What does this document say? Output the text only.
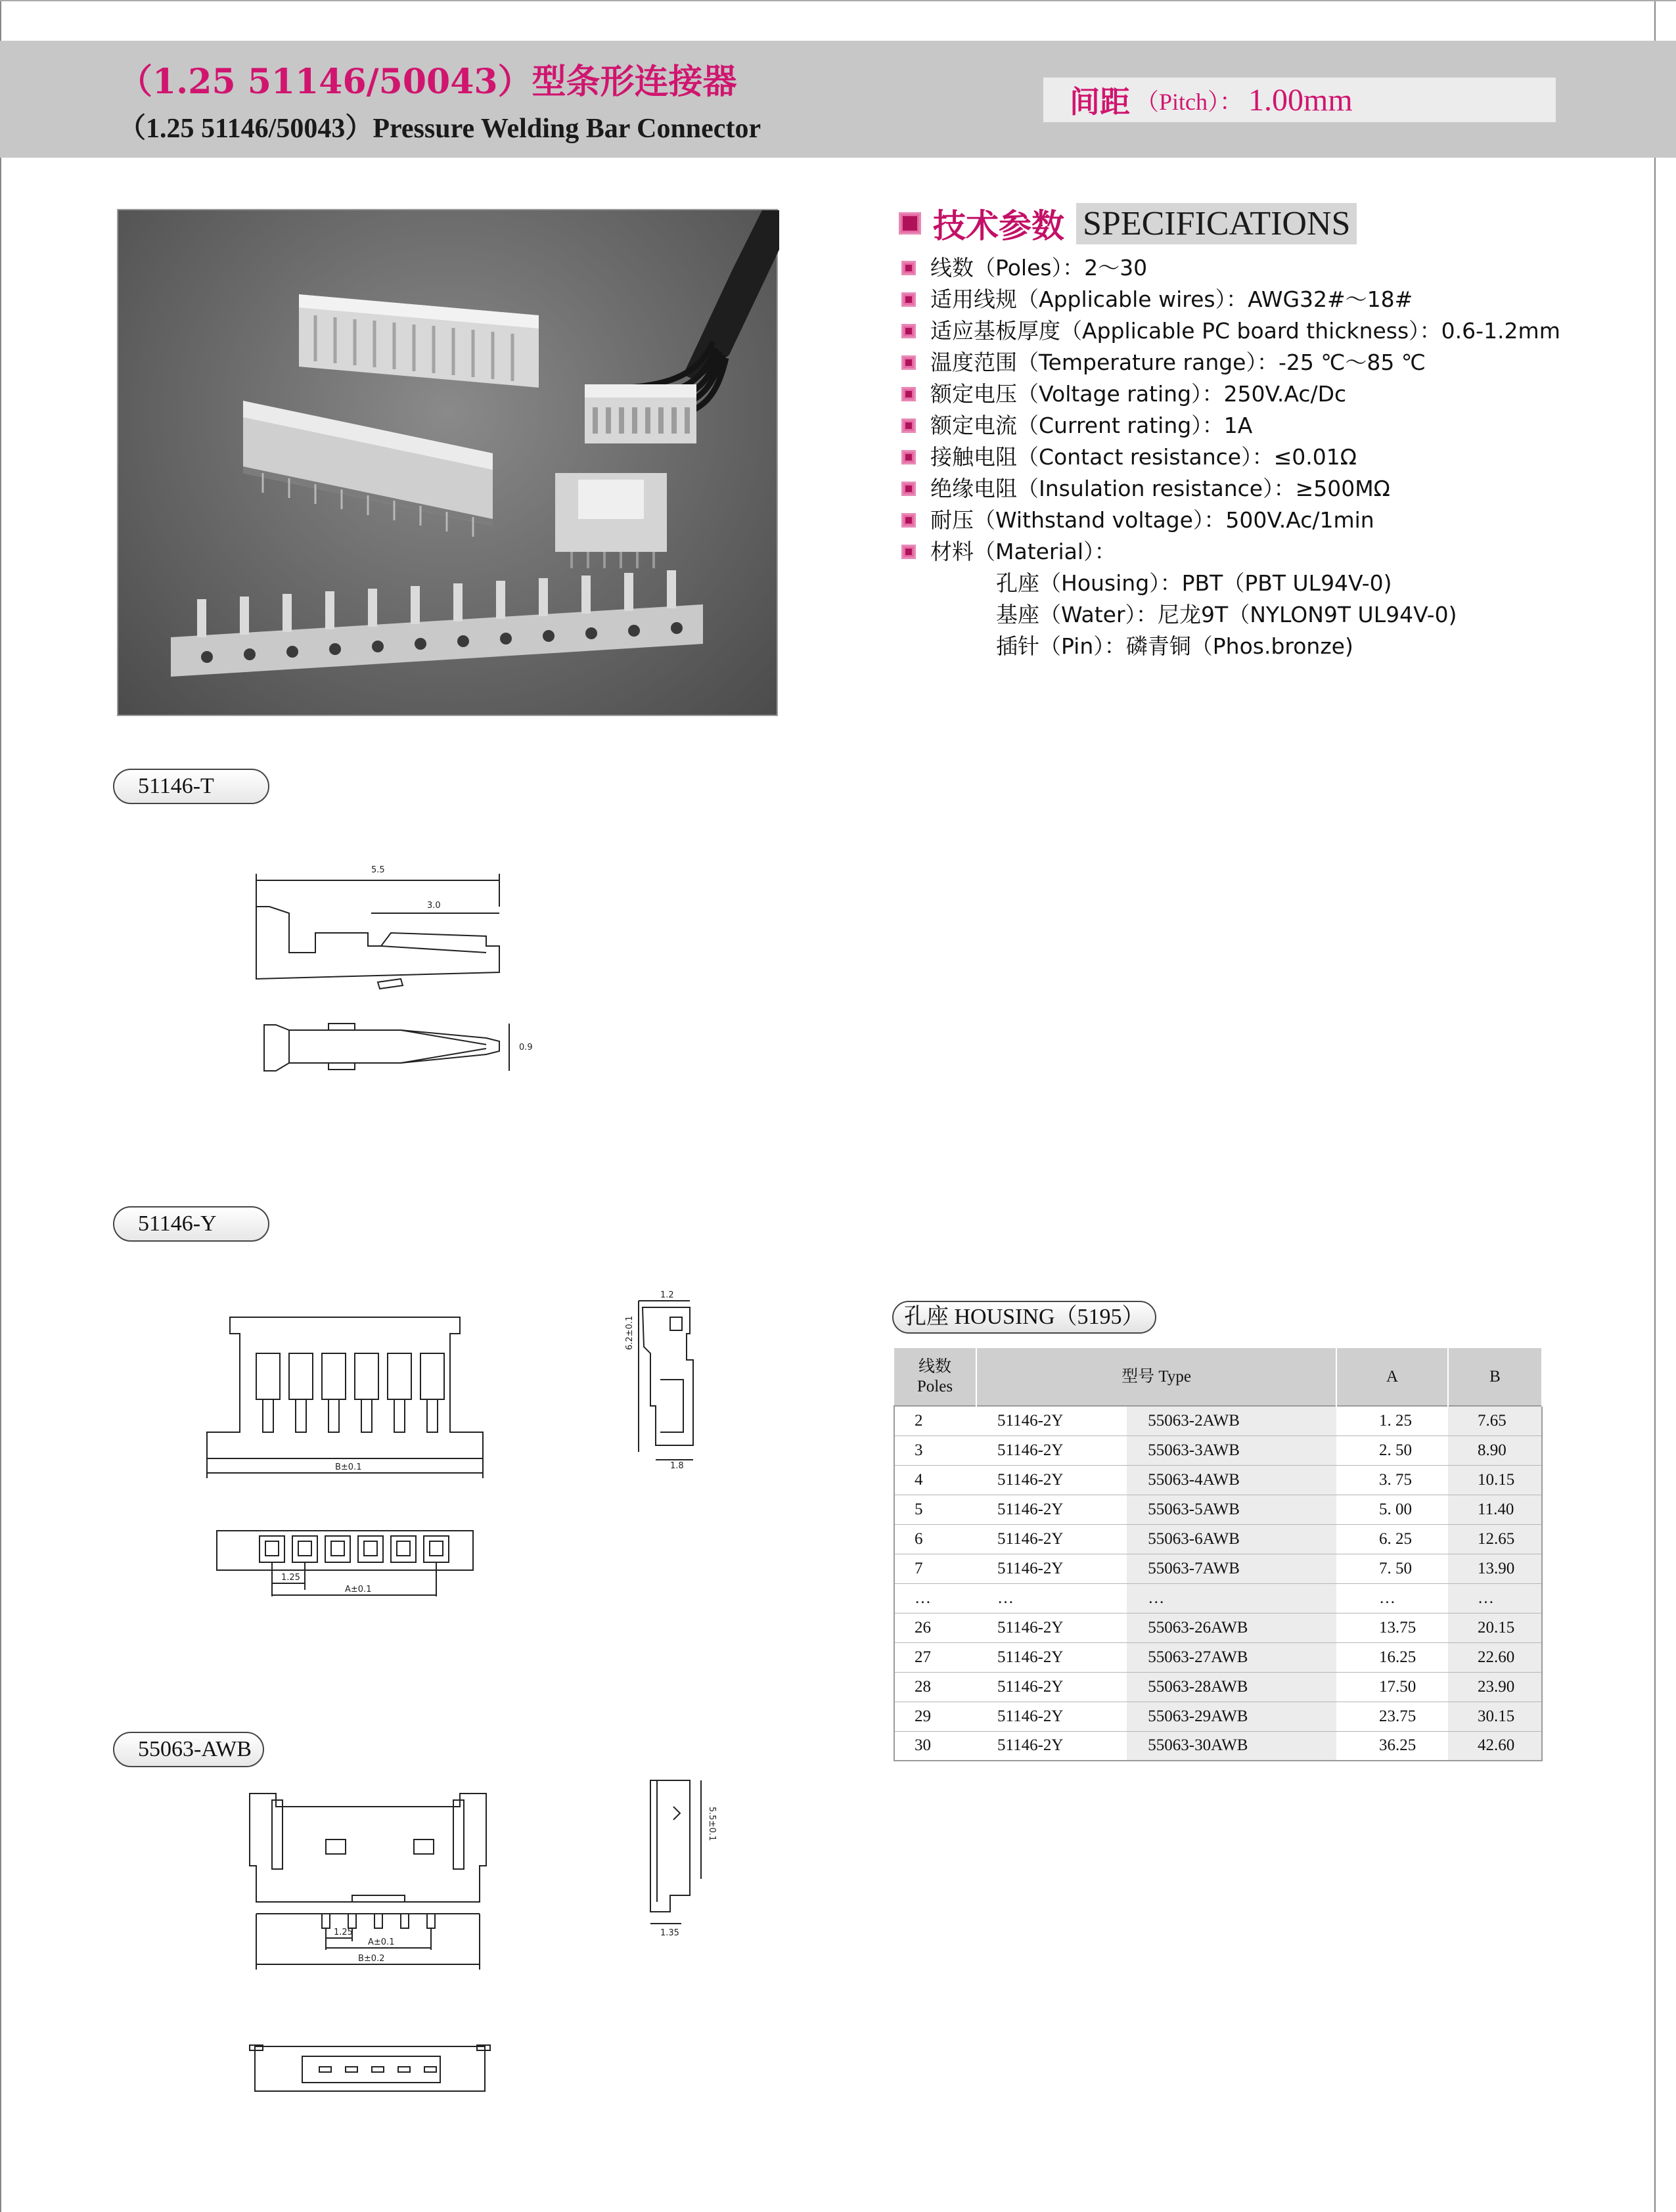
（1.25 51146/50043）型条形连接器
（1.25 51146/50043）Pressure Welding Bar Connector
间距 （Pitch）： 1.00mm
技术参数 SPECIFICATIONS
线数（Poles）：2～30
适用线规（Applicable wires）：AWG32#～18#
适应基板厚度（Applicable PC board thickness）：0.6-1.2mm
温度范围（Temperature range）：-25 ℃～85 ℃
额定电压（Voltage rating）：250V.Ac/Dc
额定电流（Current rating）：1A
接触电阻（Contact resistance）：≤0.01Ω
绝缘电阻（Insulation resistance）：≥500MΩ
耐压（Withstand voltage）：500V.Ac/1min
材料（Material）：
孔座（Housing）：PBT（PBT UL94V-0)
基座（Water）：尼龙9T（NYLON9T UL94V-0)
插针（Pin）：磷青铜（Phos.bronze)
51146-T
51146-Y
55063-AWB
5.5
3.0
0.9
B±0.1
1.25
A±0.1
1.2
6.2±0.1
1.8
1.25
A±0.1
B±0.2
5.5±0.1
1.35
孔座 HOUSING（5195）
线数
Poles	型号 Type		A	B
2	51146-2Y	55063-2AWB	1. 25	7.65
3	51146-2Y	55063-3AWB	2. 50	8.90
4	51146-2Y	55063-4AWB	3. 75	10.15
5	51146-2Y	55063-5AWB	5. 00	11.40
6	51146-2Y	55063-6AWB	6. 25	12.65
7	51146-2Y	55063-7AWB	7. 50	13.90
…	…	…	…	…
26	51146-2Y	55063-26AWB	13.75	20.15
27	51146-2Y	55063-27AWB	16.25	22.60
28	51146-2Y	55063-28AWB	17.50	23.90
29	51146-2Y	55063-29AWB	23.75	30.15
30	51146-2Y	55063-30AWB	36.25	42.60
